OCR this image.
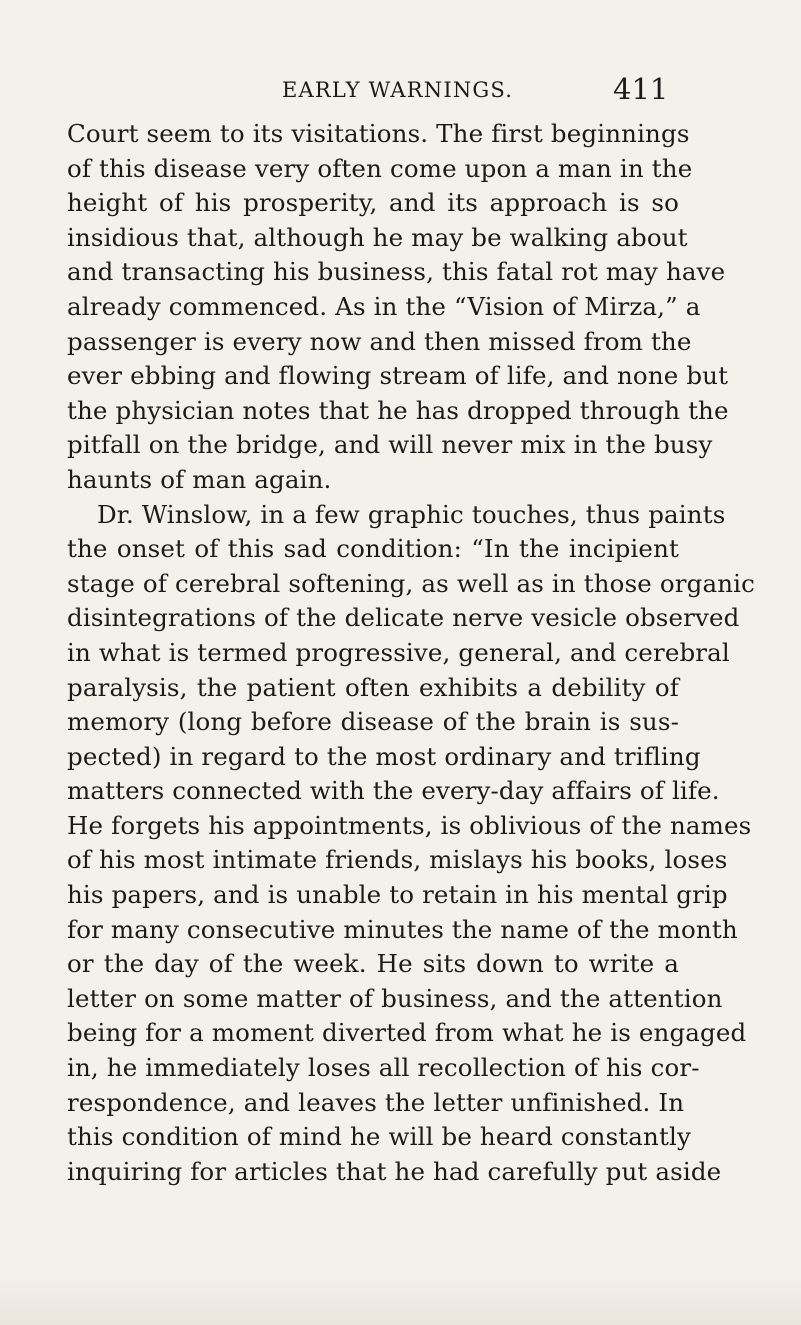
EARLY WARNINGS.	411
Court seem to its visitations. The first beginnings
of this disease very often come upon a man in the
height of his prosperity, and its approach is so
insidious that, although he may be walking about
and transacting his business, this fatal rot may have
already commenced. As in the “Vision of Mirza,” a
passenger is every now and then missed from the
ever ebbing and flowing stream of life, and none but
the physician notes that he has dropped through the
pitfall on the bridge, and will never mix in the busy
haunts of man again.
Dr. Winslow, in a few graphic touches, thus paints
the onset of this sad condition: “In the incipient
stage of cerebral softening, as well as in those organic
disintegrations of the delicate nerve vesicle observed
in what is termed progressive, general, and cerebral
paralysis, the patient often exhibits a debility of
memory (long before disease of the brain is sus-
pected) in regard to the most ordinary and trifling
matters connected with the every-day affairs of life.
He forgets his appointments, is oblivious of the names
of his most intimate friends, mislays his books, loses
his papers, and is unable to retain in his mental grip
for many consecutive minutes the name of the month
or the day of the week. He sits down to write a
letter on some matter of business, and the attention
being for a moment diverted from what he is engaged
in, he immediately loses all recollection of his cor-
respondence, and leaves the letter unfinished. In
this condition of mind he will be heard constantly
inquiring for articles that he had carefully put aside
